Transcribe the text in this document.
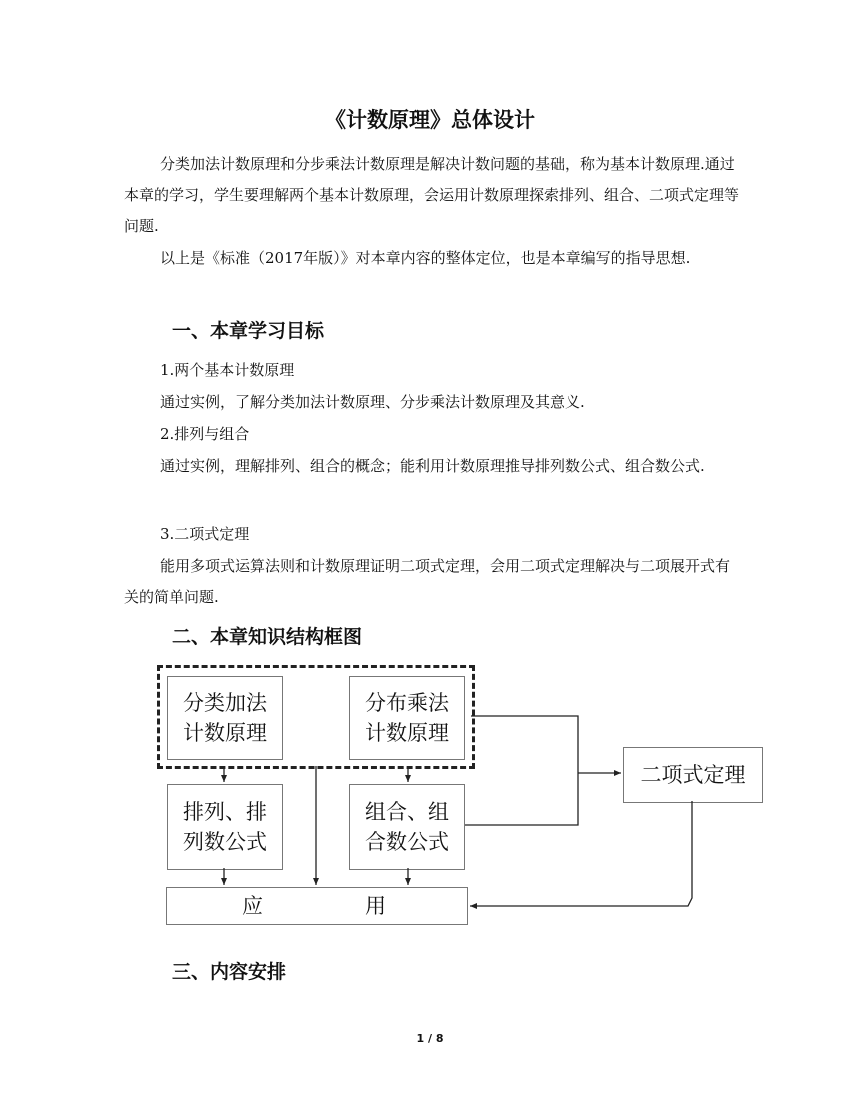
《计数原理》总体设计

分类加法计数原理和分步乘法计数原理是解决计数问题的基础，称为基本计数原理.通过本章的学习，学生要理解两个基本计数原理，会运用计数原理探索排列、组合、二项式定理等问题.

以上是《标准（2017年版）》对本章内容的整体定位，也是本章编写的指导思想.

一、本章学习目标

1.两个基本计数原理

通过实例，了解分类加法计数原理、分步乘法计数原理及其意义.

2.排列与组合

通过实例，理解排列、组合的概念；能利用计数原理推导排列数公式、组合数公式.

3.二项式定理

能用多项式运算法则和计数原理证明二项式定理，会用二项式定理解决与二项展开式有关的简单问题.

二、本章知识结构框图
分类加法
计数原理
分布乘法
计数原理
排列、排
列数公式
组合、组
合数公式
二项式定理
应	用
三、内容安排
1 / 8
